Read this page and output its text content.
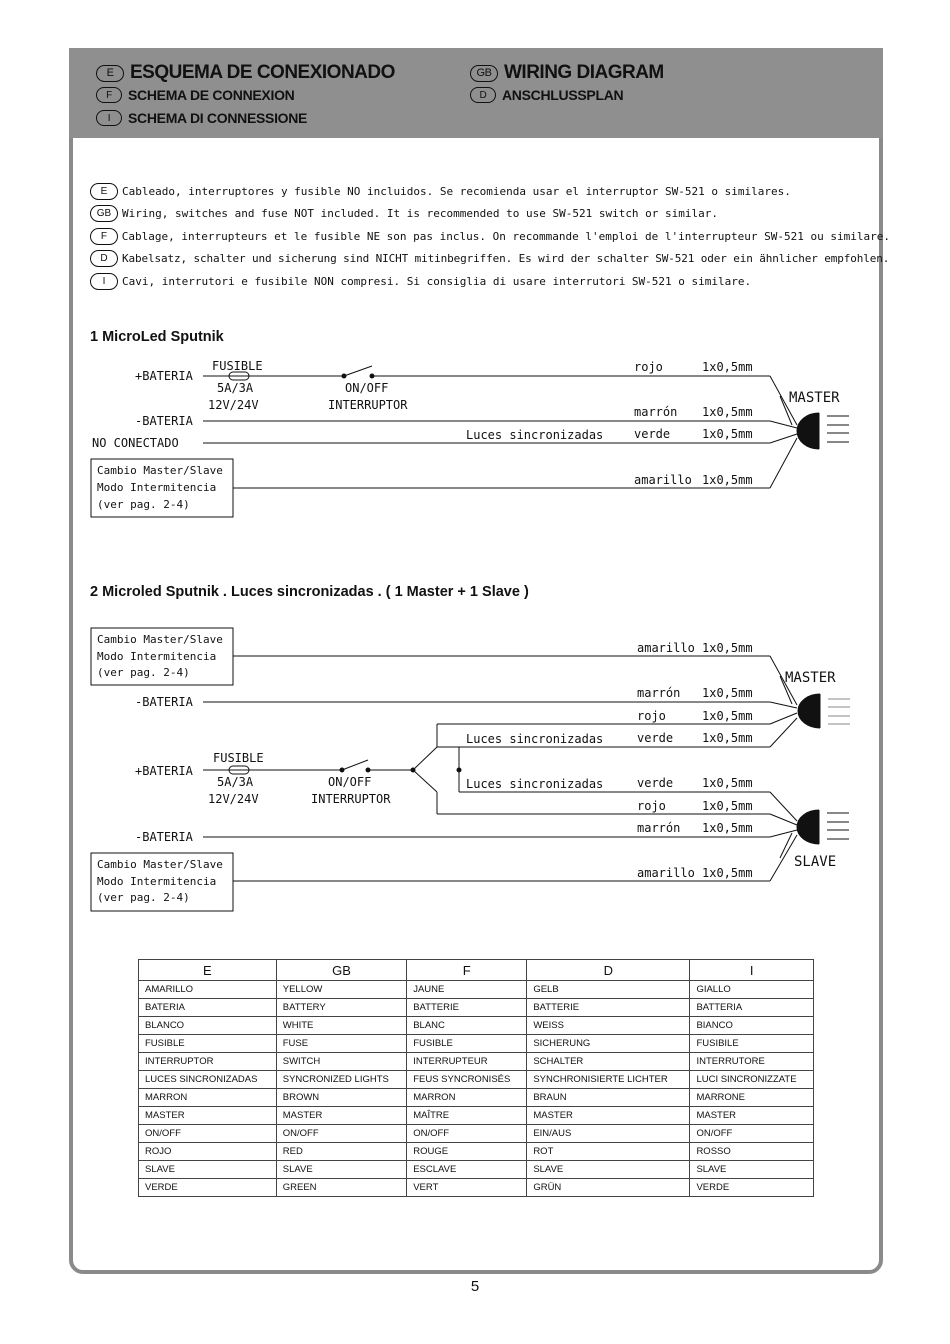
E ESQUEMA DE CONEXIONADO
F	SCHEMA DE CONNEXION
I	SCHEMA DI CONNESSIONE
GB WIRING DIAGRAM
D	ANSCHLUSSPLAN
E	Cableado, interruptores y fusible NO incluidos. Se recomienda usar el interruptor SW-521 o similares.
GB Wiring, switches and fuse NOT included. It is recommended to use SW-521 switch or similar.
F	Cablage, interrupteurs et le fusible NE son pas inclus. On recommande l'emploi de l'interrupteur SW-521 ou similare.
D	Kabelsatz, schalter und sicherung sind NICHT mitinbegriffen. Es wird der schalter SW-521 oder ein ähnlicher empfohlen.
I	Cavi, interrutori e fusibile NON compresi. Si consiglia di usare interrutori SW-521 o similare.
1 MicroLed Sputnik
2 Microled Sputnik . Luces sincronizadas . ( 1 Master + 1 Slave )
+BATERIA
FUSIBLE
5A/3A
12V/24V
ON/OFF
INTERRUPTOR
-BATERIA
NO CONECTADO
Luces sincronizadas
Cambio Master/Slave
Modo Intermitencia
(ver pag. 2-4)
rojo
marrón
verde
amarillo
1x0,5mm
1x0,5mm
1x0,5mm
1x0,5mm
MASTER
Cambio Master/Slave
Modo Intermitencia
(ver pag. 2-4)
-BATERIA
FUSIBLE
+BATERIA
5A/3A
12V/24V
ON/OFF
INTERRUPTOR
Luces sincronizadas
Luces sincronizadas
-BATERIA
Cambio Master/Slave
Modo Intermitencia
(ver pag. 2-4)
amarillo
marrón
rojo
verde
verde
rojo
marrón
amarillo
1x0,5mm
1x0,5mm
1x0,5mm
1x0,5mm
1x0,5mm
1x0,5mm
1x0,5mm
1x0,5mm
MASTER
SLAVE
E	GB	F	D	I
AMARILLO	YELLOW	JAUNE	GELB	GIALLO
BATERIA	BATTERY	BATTERIE	BATTERIE	BATTERIA
BLANCO	WHITE	BLANC	WEISS	BIANCO
FUSIBLE	FUSE	FUSIBLE	SICHERUNG	FUSIBILE
INTERRUPTOR	SWITCH	INTERRUPTEUR	SCHALTER	INTERRUTORE
LUCES SINCRONIZADAS	SYNCRONIZED LIGHTS	FEUS SYNCRONISÉS	SYNCHRONISIERTE LICHTER	LUCI SINCRONIZZATE
MARRON	BROWN	MARRON	BRAUN	MARRONE
MASTER	MASTER	MAÎTRE	MASTER	MASTER
ON/OFF	ON/OFF	ON/OFF	EIN/AUS	ON/OFF
ROJO	RED	ROUGE	ROT	ROSSO
SLAVE	SLAVE	ESCLAVE	SLAVE	SLAVE
VERDE	GREEN	VERT	GRÜN	VERDE
5
